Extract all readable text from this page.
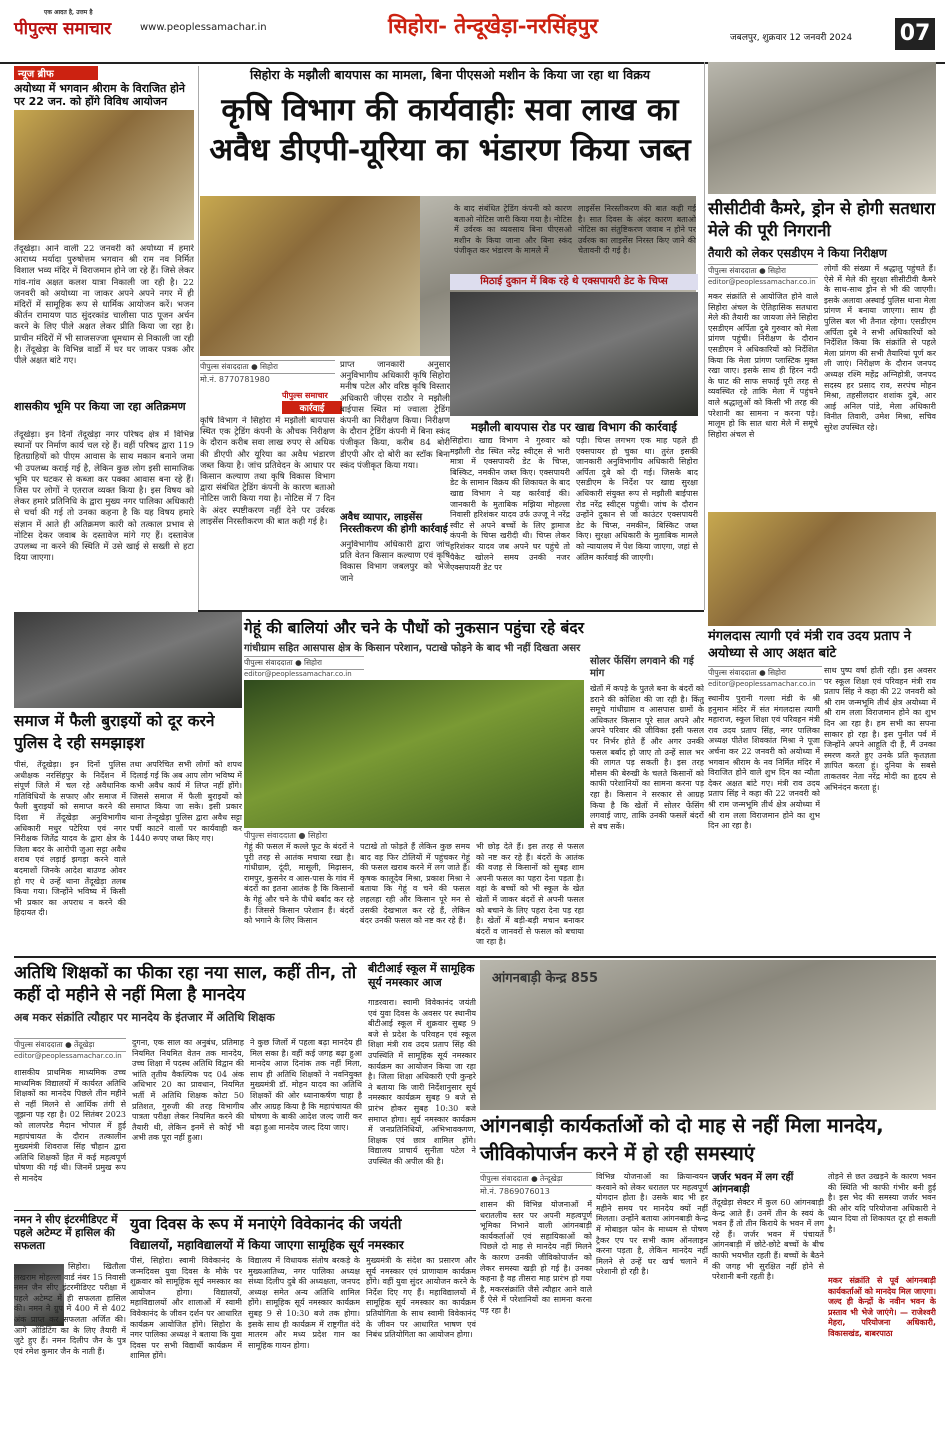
एक आदत है, उत्तम है
पीपुल्स समाचार	www.peoplessamachar.in	सिहोरा- तेन्दूखेड़ा-नरसिंहपुर	जबलपुर, शुक्रवार 12 जनवरी 2024 07
न्यूज ब्रीफ
अयोध्या में भगवान श्रीराम के विराजित होने पर 22 जन. को होंगे विविध आयोजन
तेंदूखेड़ा। आने वाली 22 जनवरी को अयोध्या में हमारे आराध्य मर्यादा पुरुषोत्तम भगवान श्री राम नव निर्मित विशाल भव्य मंदिर में विराजमान होने जा रहे हैं। जिसे लेकर गांव-गांव अक्षत कलश यात्रा निकाली जा रही है। 22 जनवरी को अयोध्या ना जाकर अपने अपने नगर में ही मंदिरों में सामूहिक रूप से धार्मिक आयोजन करें। भजन कीर्तन रामायण पाठ सुंदरकांड चालीसा पाठ पूजन अर्चन करने के लिए पीले अक्षत लेकर प्रीति किया जा रहा है। प्राचीन मंदिरों में भी साजसज्जा धूमधाम से निकाली जा रही है। तेंदूखेड़ा के विभिन्न वार्डों में घर घर जाकर पत्रक और पीले अक्षत बांटे गए।
शासकीय भूमि पर किया जा रहा अतिक्रमण
तेंदूखेड़ा। इन दिनों तेंदूखेड़ा नगर परिषद क्षेत्र में विभिन्न स्थानों पर निर्माण कार्य चल रहे हैं। वहीं परिषद द्वारा 119 हितग्राहियों को पीएम आवास के साथ मकान बनाने जमा भी उपलब्ध कराई गई है, लेकिन कुछ लोग इसी सामाजिक भूमि पर घटकर से कब्जा कर पक्का आवास बना रहे हैं। जिस पर लोगों ने एतराज व्यक्त किया है। इस विषय को लेकर हमारे प्रतिनिधि के द्वारा मुख्य नगर पालिका अधिकारी से चर्चा की गई तो उनका कहना है कि यह विषय हमारे संज्ञान में आते ही अतिक्रमण कारी को तत्काल प्रभाव से नोटिस देकर जवाब के दस्तावेज मांगे गए हैं। दस्तावेज उपलब्ध ना करने की स्थिति में उसे खाई से सख्ती से हटा दिया जाएगा।
सिहोरा के मझौली बायपास का मामला, बिना पीएसओ मशीन के किया जा रहा था विक्रय
कृषि विभाग की कार्यवाहीः सवा लाख का अवैध डीएपी-यूरिया का भंडारण किया जब्त
पीपुल्स संवाददाता ● सिहोरा
मो.नं. 8770781980
पीपुल्स समाचार
कार्रवाई
कृषि विभाग ने सिहोरा में मझौली बायपास स्थित एक ट्रेडिंग कंपनी के औचक निरीक्षण के दौरान करीब सवा लाख रुपए से अधिक की डीएपी और यूरिया का अवैध भंडारण जब्त किया है। जांच प्रतिवेदन के आधार पर किसान कल्याण तथा कृषि विकास विभाग द्वारा संबंधित ट्रेडिंग कंपनी के कारण बताओ नोटिस जारी किया गया है। नोटिस में 7 दिन के अंदर स्पष्टीकरण नहीं देने पर उर्वरक लाइसेंस निरस्तीकरण की बात कही गई है।
प्राप्त जानकारी अनुसार अनुविभागीय अधिकारी कृषि सिहोरा मनीष पटेल और वरिष्ठ कृषि विस्तार अधिकारी जीएस राठौर ने मझौली बाईपास स्थित मां ज्वाला ट्रेडिंग कंपनी का निरीक्षण किया। निरीक्षण के दौरान ट्रेडिंग कंपनी में बिना स्कंद पंजीकृत किया, करीब 84 बोरी डीएपी और दो बोरी का स्टॉक बिना स्कंद पंजीकृत किया गया।
अवैध व्यापार, लाइसेंस निरस्तीकरण की होगी कार्रवाई
अनुविभागीय अधिकारी द्वारा जांच प्रति वेतन किसान कल्याण एवं कृषि विकास विभाग जबलपुर को भेजे जाने
के बाद संबंधित ट्रेडिंग कंपनी को कारण बताओ नोटिस जारी किया गया है। नोटिस में उर्वरक का व्यवसाय बिना पीएसओ मशीन के किया जाना और बिना स्कंद पंजीकृत कर भंडारण के मामले में
लाइसेंस निरस्तीकरण की बात कही गई है। सात दिवस के अंदर कारण बताओ नोटिस का संतुष्टिकरण जवाब न होने पर उर्वरक का लाइसेंस निरस्त किए जाने की चेतावनी दी गई है।
मिठाई दुकान में बिक रहे थे एक्सपायरी डेट के चिप्स
मझौली बायपास रोड पर खाद्य विभाग की कार्रवाई
सिहोरा। खाद्य विभाग ने गुरुवार को मझौली रोड स्थित नरेंद्र स्वीट्स से भारी मात्रा में एक्सपायरी डेट के चिप्स, बिस्किट, नमकीन जब्त किए। एक्सपायरी डेट के सामान विक्रय की शिकायत के बाद खाद्य विभाग ने यह कार्रवाई की। जानकारी के मुताबिक मझिया मोहल्ला निवासी हरिशंकर यादव उर्फ उज्जू ने नरेंद्र स्वीट से अपने बच्चों के लिए ड्रामाज कंपनी के चिप्स खरीदी थी। चिप्स लेकर हरिशंकर यादव जब अपने घर पहुंचे तो पैकेट खोलने समय उनकी नजर एक्सपायरी डेट पर
पड़ी। चिप्स लगभग एक माह पहले ही एक्सपायर हो चुका था। तुरंत इसकी जानकारी अनुविभागीय अधिकारी सिहोरा अर्पिता दुबे को दी गई। जिसके बाद एसडीएम के निर्देश पर खाद्य सुरक्षा अधिकारी संयुक्त रूप से मझौली बाईपास रोड नरेंद्र स्वीट्स पहुंची। जांच के दौरान उन्होंने दुकान से जो काउंटर एक्सपायरी डेट के चिप्स, नमकीन, बिस्किट जब्त किए। सुरक्षा अधिकारी के मुताबिक मामले को न्यायालय में पेश किया जाएगा, जहां से अंतिम कार्रवाई की जाएगी।
सीसीटीवी कैमरे, ड्रोन से होगी सतधारा मेले की पूरी निगरानी
तैयारी को लेकर एसडीएम ने किया निरीक्षण
पीपुल्स संवाददाता ● सिहोरा
editor@peoplessamachar.co.in
मकर संक्रांति से आयोजित होने वाले सिहोरा अंचल के ऐतिहासिक सतधारा मेले की तैयारी का जायजा लेने सिहोरा एसडीएम अर्पिता दुबे गुरुवार को मेला प्रांगण पहुंची। निरीक्षण के दौरान एसडीएम ने अधिकारियों को निर्देशित किया कि मेला प्रांगण प्लास्टिक मुक्त रखा जाए। इसके साथ ही हिरन नदी के घाट की साफ सफाई पूरी तरह से व्यवस्थित रहे ताकि मेला में पहुंचने वाले श्रद्धालुओं को किसी भी तरह की परेशानी का सामना न करना पड़े। मालूम हो कि सात धारा मेले में समूचे सिहोरा अंचल से
लोगों की संख्या में श्रद्धालु पहुंचते हैं। ऐसे में मेले की सुरक्षा सीसीटीवी कैमरे के साथ-साथ ड्रोन से भी की जाएगी। इसके अलावा अस्थाई पुलिस थाना मेला प्रांगण में बनाया जाएगा। साथ ही पुलिस बल भी तैनात रहेगा। एसडीएम अर्पिता दुबे ने सभी अधिकारियों को निर्देशित किया कि संक्रांति से पहले मेला प्रांगण की सभी तैयारियां पूर्ण कर ली जाएं। निरीक्षण के दौरान जनपद अध्यक्ष रश्मि महेंद्र अग्निहोत्री, जनपद सदस्य हर प्रसाद राव, सरपंच मोहन मिश्रा, तहसीलदार शशांक दुबे, आर आई अनिल पांडे, मेला अधिकारी विनीत तिवारी, उमेश मिश्रा, सचिव सुरेश उपस्थित रहे।
गेहूं की बालियां और चने के पौधों को नुकसान पहुंचा रहे बंदर
गांधीग्राम सहित आसपास क्षेत्र के किसान परेशान, पटाखे फोड़ने के बाद भी नहीं दिखता असर
पीपुल्स संवाददाता ● सिहोरा
editor@peoplessamachar.co.in
पीपुल्स संवाददाता ● सिहोरा
गेहूं की फसल में कल्ले फूट के बंदरों ने पूरी तरह से आतंक मचाया रखा है। गांधीग्राम, दूंदी, मासूली, मिढ़ासन, रामपुर, कुसनेर व आस-पास के गांव में बंदरों का इतना आतंक है कि किसानों के गेहूं और चने के पौधे बर्बाद कर रहे हैं। जिससे किसान परेशान हैं। बंदरों को भगाने के लिए किसान
पटाखे तो फोड़ते हैं लेकिन कुछ समय बाद वह फिर टोलियों में पहुंचकर गेहूं की फसल खराब करने में लग जाते हैं। कृषक कालूदेव मिश्रा, प्रकाश मिश्रा ने बताया कि गेहूं व चने की फसल लहलहा रही और किसान पूरे मन से उसकी देखभाल कर रहे हैं, लेकिन बंदर उनकी फसल को नष्ट कर रहे हैं।
भी छोड़ देते हैं। इस तरह से फसल को नष्ट कर रहे हैं। बंदरों के आतंक की वजह से किसानों को सुबह शाम अपनी फसल का पहरा देना पड़ता है। वहां के बच्चों को भी स्कूल के खेत खेतों में जाकर बंदरों से अपनी फसल को बचाने के लिए पहरा देना पड़ रहा है। खेतों में बड़ी-बड़ी मचान बनाकर बंदरों व जानवरों से फसल को बचाया जा रहा है।
सोलर फेंसिंग लगवाने की गई मांग
खेतों में कपड़े के पुतले बना के बंदरों को डराने की कोशिश की जा रही है। किंतु समूचे गांधीग्राम व आसपास ग्रामों के अधिकतर किसान पूरे साल अपने और अपने परिवार की जीविका इसी फसल पर निर्भर होते हैं और अगर उनकी फसल बर्बाद हो जाए तो उन्हें साल भर की लागत पड़ सकती है। इस तरह मौसम की बेरुखी के चलते किसानों को काफी परेशानियों का सामना करना पड़ रहा है। किसान ने सरकार से आग्रह किया है कि खेतों में सोलर फेंसिंग लगवाई जाए, ताकि उनकी फसलें बंदरों से बच सकें।
समाज में फैली बुराइयों को दूर करने पुलिस दे रही समझाइश
पीसं, तेंदूखेड़ा। इन दिनों पुलिस अधीक्षक नरसिंहपुर के निर्देशन में संपूर्ण जिले में चल रहे अवैधानिक गतिविधियों के सफाए और समाज में फैली बुराइयों को समाप्त करने की दिशा में तेंदूखेड़ा अनुविभागीय अधिकारी मधुर पटेरिया एवं नगर निरीक्षक जितेंद्र यादव के द्वारा क्षेत्र के जिला बदर के आरोपी जुआ सट्टा अवैध शराब एवं लड़ाई झगड़ा करने वाले बदमाशों जिनके आदेश बाउण्ड ओवर हो गए थे उन्हें थाना तेंदूखेड़ा तलब किया गया। जिन्होंने भविष्य में किसी भी प्रकार का अपराध न करने की हिदायत दी।
तथा अपरिचित सभी लोगों को शपथ दिलाई गई कि अब आप लोग भविष्य में कभी अवैध कार्य में लिप्त नहीं होंगे। जिससे समाज में फैली बुराइयों को समाप्त किया जा सके। इसी प्रकार थाना तेन्दूखेड़ा पुलिस द्वारा अवैध सट्टा पर्ची काटने वालों पर कार्यवाही कर 1440 रूपए जब्त किए गए।
मंगलदास त्यागी एवं मंत्री राव उदय प्रताप ने अयोध्या से आए अक्षत बांटे
पीपुल्स संवाददाता ● सिहोरा
editor@peoplessamachar.co.in
स्थानीय पुरानी गल्ला मंडी के श्री हनुमान मंदिर में संत मंगलदास त्यागी महाराज, स्कूल शिक्षा एवं परिवहन मंत्री राव उदय प्रताप सिंह, नगर पालिका अध्यक्ष पीतेश शिवकांत मिश्रा ने पूजा अर्चना कर 22 जनवरी को अयोध्या में भगवान श्रीराम के नव निर्मित मंदिर में विराजित होने वाले शुभ दिन का न्यौता देकर अक्षत बांटे गए। मंत्री राव उदय प्रताप सिंह ने कहा की 22 जनवरी को श्री राम जन्मभूमि तीर्थ क्षेत्र अयोध्या में श्री राम लला विराजमान होने का शुभ दिन आ रहा है।
साथ पुष्प वर्षा होती रही। इस अवसर पर स्कूल शिक्षा एवं परिवहन मंत्री राव प्रताप सिंह ने कहा की 22 जनवरी को श्री राम जन्मभूमि तीर्थ क्षेत्र अयोध्या में श्री राम लला विराजमान होने का शुभ दिन आ रहा है। हम सभी का सपना साकार हो रहा है। इस पुनीत पर्व में जिन्होंने अपने आहूति दी हैं, मैं उनका स्मरण करते हुए उनके प्रति कृतज्ञता ज्ञापित करता हूं। दुनिया के सबसे ताकतवर नेता नरेंद्र मोदी का हृदय से अभिनंदन करता हूं।
अतिथि शिक्षकों का फीका रहा नया साल, कहीं तीन, तो कहीं दो महीने से नहीं मिला है मानदेय
अब मकर संक्रांति त्यौहार पर मानदेय के इंतजार में अतिथि शिक्षक
पीपुल्स संवाददाता ● तेंदूखेड़ा
editor@peoplessamachar.co.in
शासकीय प्राथमिक माध्यमिक उच्च माध्यमिक विद्यालयों में कार्यरत अतिथि शिक्षकों का मानदेय पिछले तीन महीने से नहीं मिलने से आर्थिक तंगी से जूझना पड़ रहा है। 02 सितंबर 2023 को लालपरेड मैदान भोपाल में हुई महापंचायत के दौरान तत्कालीन मुख्यमंत्री शिवराज सिंह चौहान द्वारा अतिथि शिक्षकों हित में कई महत्वपूर्ण घोषणा की गई थी। जिनमें प्रमुख रूप से मानदेय
दुगना, एक साल का अनुबंध, प्रतिमाह नियमित नियमित वेतन तक मानदेय, उच्च शिक्षा में पदस्थ अतिथि विद्वान की भांति तृतीय वैकल्पिक पद 04 अंक अधिभार 20 का प्रावधान, नियमित भर्ती में अतिथि शिक्षक कोटा 50 प्रतिशत, गुरुजी की तरह विभागीय पात्रता परीक्षा लेकर नियमित करने की तैयारी थी, लेकिन इनमें से कोई भी अभी तक पूरा नहीं हुआ।
ने कुछ जिलों में पहला बढ़ा मानदेय ही मिल सका है। वहीं कई जगह बढ़ा हुआ मानदेय आज दिनांक तक नहीं मिला, साथ ही अतिथि शिक्षकों ने नवनियुक्त मुख्यमंत्री डॉ. मोहन यादव का अतिथि शिक्षकों की ओर ध्यानाकर्षण चाहा है और आग्रह किया है कि महापंचायत की घोषणा के बाकी आदेश जल्द जारी कर बढ़ा हुआ मानदेय जल्द दिया जाए।
बीटीआई स्कूल में सामूहिक सूर्य नमस्कार आज
गाडरवारा। स्वामी विवेकानंद जयंती एवं युवा दिवस के अवसर पर स्थानीय बीटीआई स्कूल में शुक्रवार सुबह 9 बजे से प्रदेश के परिवहन एवं स्कूल शिक्षा मंत्री राव उदय प्रताप सिंह की उपस्थिति में सामूहिक सूर्य नमस्कार कार्यक्रम का आयोजन किया जा रहा है। जिला शिक्षा अधिकारी एपी कुन्हरे ने बताया कि जारी निर्देशानुसार सूर्य नमस्कार कार्यक्रम सुबह 9 बजे से प्रारंभ होकर सुबह 10:30 बजे समाप्त होगा। सूर्य नमस्कार कार्यक्रम में जनप्रतिनिधियों, अभिभावकगण, शिक्षक एवं छात्र शामिल होंगे। विद्यालय प्राचार्य सुनीता पटेल ने उपस्थित की अपील की है।
आंगनबाड़ी केन्द्र 855
आंगनबाड़ी कार्यकर्ताओं को दो माह से नहीं मिला मानदेय, जीविकोपार्जन करने में हो रही समस्याएं
पीपुल्स संवाददाता ● तेन्दूखेड़ा
मो.नं. 7869076013
शासन की विभिन्न योजनाओं में धरातलीय स्तर पर अपनी महत्वपूर्ण भूमिका निभाने वाली आंगनबाड़ी कार्यकर्ताओं एवं सहायिकाओं को पिछले दो माह से मानदेय नहीं मिलने के कारण उनकी जीविकोपार्जन को लेकर समस्या खड़ी हो गई है। उनका कहना है वह तीसरा माह प्रारंभ हो गया है, मकरसंक्रांति जैसे त्यौहार आने वाले हैं ऐसे में परेशानियों का सामना करना पड़ रहा है।
विभिन्न योजनाओं का क्रियान्वयन करवाने को लेकर धरातल पर महत्वपूर्ण योगदान होता है। उसके बाद भी हर महीने समय पर मानदेय क्यों नहीं मिलता। उन्होंने बताया आंगनबाड़ी केन्द्र में मोबाइल फोन के माध्यम से पोषण ट्रैकर एप पर सभी काम ऑनलाइन करना पड़ता है, लेकिन मानदेय नहीं मिलने से उन्हें घर खर्च चलाने में परेशानी हो रही है।
जर्जर भवन में लग रहीं आंगनबाड़ी
तेंदूखेड़ा सेक्टर में कुल 60 आंगनबाड़ी केन्द्र आते हैं। उनमें तीन के स्वयं के भवन हैं तो तीन किराये के भवन में लग रहे हैं। जर्जर भवन में पंचायतें आंगनबाड़ी में छोटे-छोटे बच्चों के बीच काफी भयभीत रहती हैं। बच्चों के बैठने की जगह भी सुरक्षित नहीं होने से परेशानी बनी रहती है।
तोड़ने से छत उखड़ने के कारण भवन की स्थिति भी काफी गंभीर बनी हुई है। इस भेद की समस्या जर्जर भवन की ओर यदि परियोजना अधिकारी ने ध्यान दिया तो शिकायत दूर हो सकती है।
मकर संक्रांति से पूर्व आंगनबाड़ी कार्यकर्ताओं को मानदेय मिल जाएगा। जल्द ही केन्द्रों के नवीन भवन के प्रस्ताव भी भेजे जाएंगे। — राजेश्वरी मेहरा, परियोजना अधिकारी, विकासखंड, बाबरपाठा
युवा दिवस के रूप में मनाएंगे विवेकानंद की जयंती
विद्यालयों, महाविद्यालयों में किया जाएगा सामूहिक सूर्य नमस्कार
पीसं, सिहोरा। स्वामी विवेकानंद के जन्मदिवस युवा दिवस के मौके पर शुक्रवार को सामूहिक सूर्य नमस्कार का आयोजन होगा। विद्यालयों, महाविद्यालयों और शालाओं में स्वामी विवेकानंद के जीवन दर्शन पर आधारित कार्यक्रम आयोजित होंगे। सिहोरा के नगर पालिका अध्यक्ष ने बताया कि युवा दिवस पर सभी विद्यार्थी कार्यक्रम में शामिल होंगे।
विद्यालय में विधायक संतोष बरकड़े के मुख्यआतिथ्य, नगर पालिका अध्यक्ष संध्या दिलीप दुबे की अध्यक्षता, जनपद अध्यक्ष समेत अन्य अतिथि शामिल होंगे। सामूहिक सूर्य नमस्कार कार्यक्रम सुबह 9 से 10:30 बजे तक होगा। इसके साथ ही कार्यक्रम में राष्ट्रगीत वंदे मातरम और मध्य प्रदेश गान का सामूहिक गायन होगा।
मुख्यमंत्री के संदेश का प्रसारण और सूर्य नमस्कार एवं प्राणायाम कार्यक्रम होंगे। वहीं युवा सुंदर आयोजन करने के निर्देश दिए गए हैं। महाविद्यालयों में सामूहिक सूर्य नमस्कार का कार्यक्रम प्रतियोगिता के साथ स्वामी विवेकानंद के जीवन पर आधारित भाषण एवं निबंध प्रतियोगिता का आयोजन होगा।
नमन ने सीए इंटरमीडिएट में पहले अटेम्प्ट में हासिल की सफलता
सिहोरा। खितौला लखराम मोहल्ला वार्ड नंबर 15 निवासी नमन जैन सीए इंटरमीडिएट परीक्षा में पहले अटेम्प्ट में ही सफलता हासिल की। नमन ने ग्रुप में 400 में से 402 अंक प्राप्त कर सफलता अर्जित की। आगे ऑडिटिंग का के लिए तैयारी में जुटे हुए हैं। नमन दिलीप जैन के पुत्र एवं रमेश कुमार जैन के नाती हैं।
